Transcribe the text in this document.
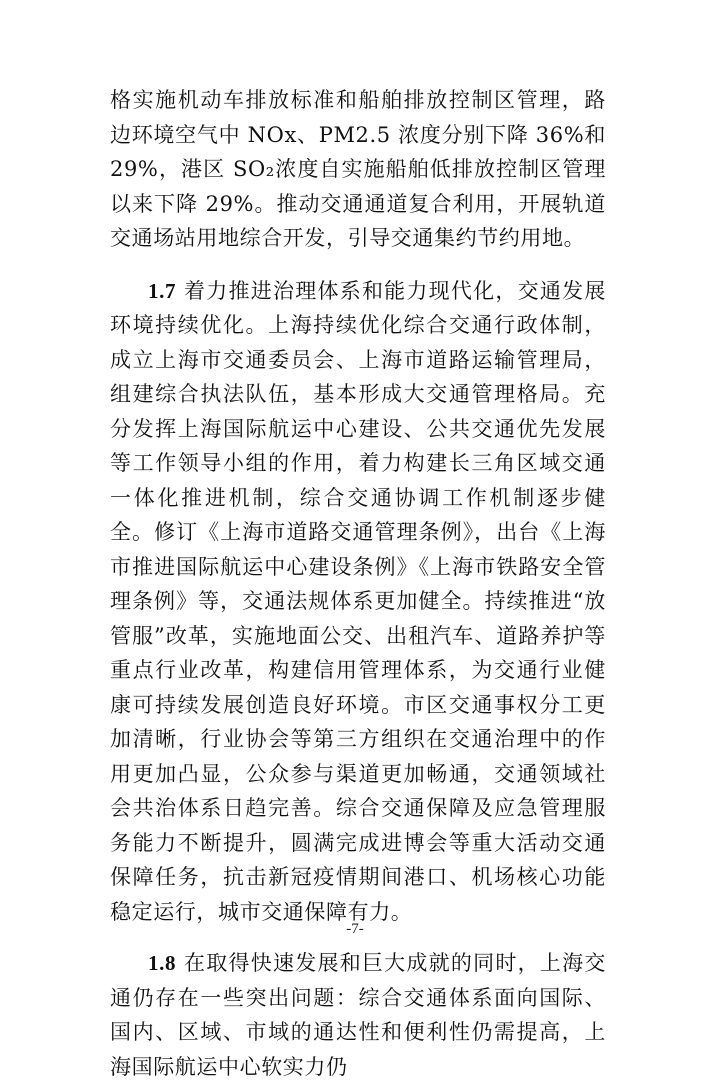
格实施机动车排放标准和船舶排放控制区管理，路边环境空气中 NOx、PM2.5 浓度分别下降 36%和 29%，港区 SO₂浓度自实施船舶低排放控制区管理以来下降 29%。推动交通通道复合利用，开展轨道交通场站用地综合开发，引导交通集约节约用地。

1.7 着力推进治理体系和能力现代化，交通发展环境持续优化。上海持续优化综合交通行政体制，成立上海市交通委员会、上海市道路运输管理局，组建综合执法队伍，基本形成大交通管理格局。充分发挥上海国际航运中心建设、公共交通优先发展等工作领导小组的作用，着力构建长三角区域交通一体化推进机制，综合交通协调工作机制逐步健全。修订《上海市道路交通管理条例》，出台《上海市推进国际航运中心建设条例》《上海市铁路安全管理条例》等，交通法规体系更加健全。持续推进“放管服”改革，实施地面公交、出租汽车、道路养护等重点行业改革，构建信用管理体系，为交通行业健康可持续发展创造良好环境。市区交通事权分工更加清晰，行业协会等第三方组织在交通治理中的作用更加凸显，公众参与渠道更加畅通，交通领域社会共治体系日趋完善。综合交通保障及应急管理服务能力不断提升，圆满完成进博会等重大活动交通保障任务，抗击新冠疫情期间港口、机场核心功能稳定运行，城市交通保障有力。

1.8 在取得快速发展和巨大成就的同时，上海交通仍存在一些突出问题：综合交通体系面向国际、国内、区域、市域的通达性和便利性仍需提高，上海国际航运中心软实力仍

-7-
